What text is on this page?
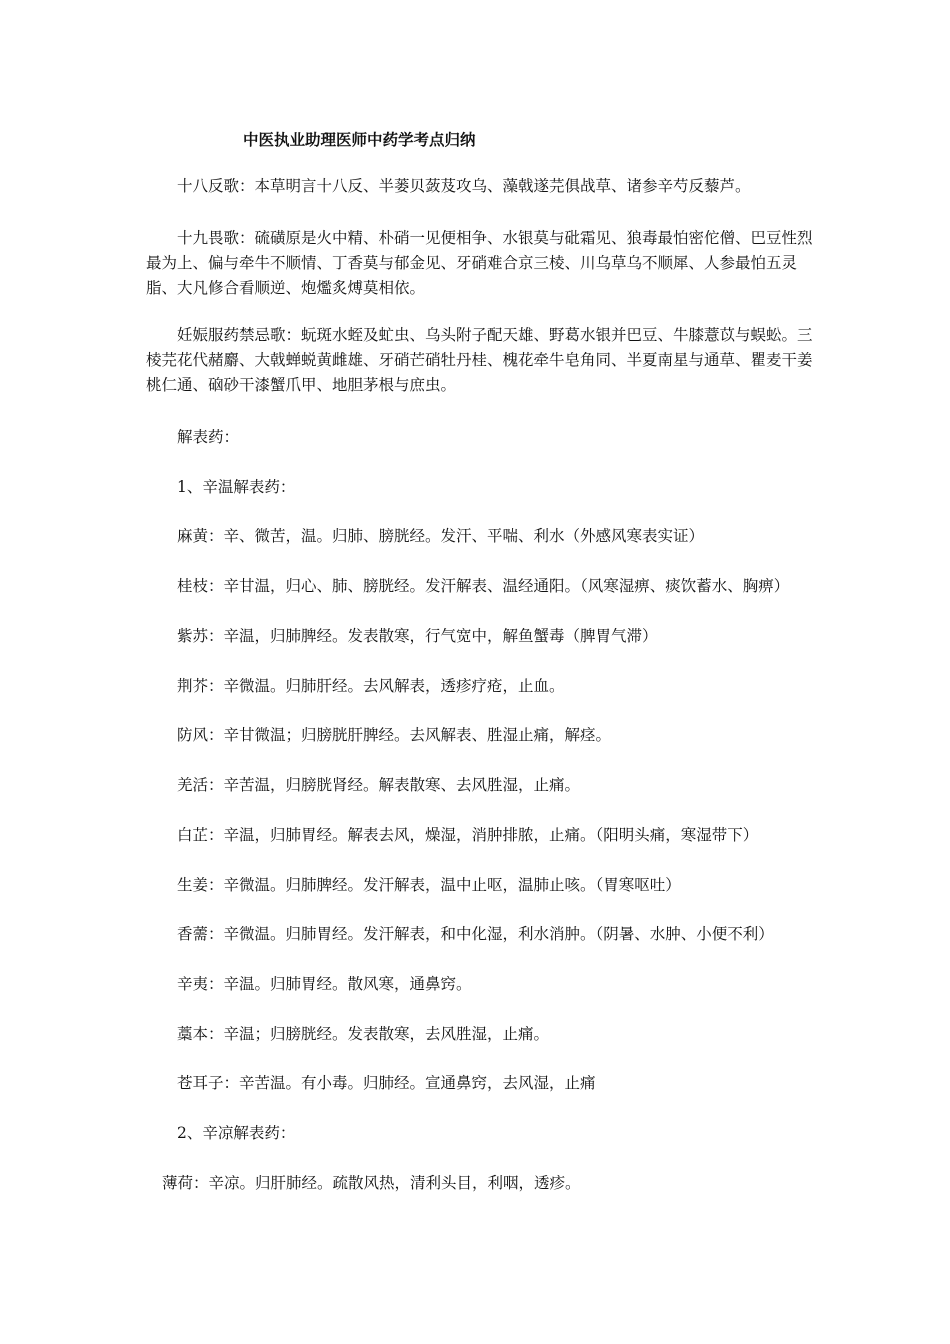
中医执业助理医师中药学考点归纳

十八反歌：本草明言十八反、半蒌贝蔹芨攻乌、藻戟遂芫俱战草、诸参辛芍反藜芦。

十九畏歌：硫磺原是火中精、朴硝一见便相争、水银莫与砒霜见、狼毒最怕密佗僧、巴豆性烈最为上、偏与牵牛不顺情、丁香莫与郁金见、牙硝难合京三棱、川乌草乌不顺犀、人参最怕五灵脂、大凡修合看顺逆、炮爁炙煿莫相依。

妊娠服药禁忌歌：蚖斑水蛭及虻虫、乌头附子配天雄、野葛水银并巴豆、牛膝薏苡与蜈蚣。三棱芫花代赭麝、大戟蝉蜕黄雌雄、牙硝芒硝牡丹桂、槐花牵牛皂角同、半夏南星与通草、瞿麦干姜桃仁通、硇砂干漆蟹爪甲、地胆茅根与庶虫。

解表药：

1、辛温解表药：

麻黄：辛、微苦，温。归肺、膀胱经。发汗、平喘、利水（外感风寒表实证）

桂枝：辛甘温，归心、肺、膀胱经。发汗解表、温经通阳。（风寒湿痹、痰饮蓄水、胸痹）

紫苏：辛温，归肺脾经。发表散寒，行气宽中，解鱼蟹毒（脾胃气滞）

荆芥：辛微温。归肺肝经。去风解表，透疹疗疮，止血。

防风：辛甘微温；归膀胱肝脾经。去风解表、胜湿止痛，解痉。

羌活：辛苦温，归膀胱肾经。解表散寒、去风胜湿，止痛。

白芷：辛温，归肺胃经。解表去风，燥湿，消肿排脓，止痛。（阳明头痛，寒湿带下）

生姜：辛微温。归肺脾经。发汗解表，温中止呕，温肺止咳。（胃寒呕吐）

香薷：辛微温。归肺胃经。发汗解表，和中化湿，利水消肿。（阴暑、水肿、小便不利）

辛夷：辛温。归肺胃经。散风寒，通鼻窍。

藁本：辛温；归膀胱经。发表散寒，去风胜湿，止痛。

苍耳子：辛苦温。有小毒。归肺经。宣通鼻窍，去风湿，止痛

2、辛凉解表药：

薄荷：辛凉。归肝肺经。疏散风热，清利头目，利咽，透疹。
